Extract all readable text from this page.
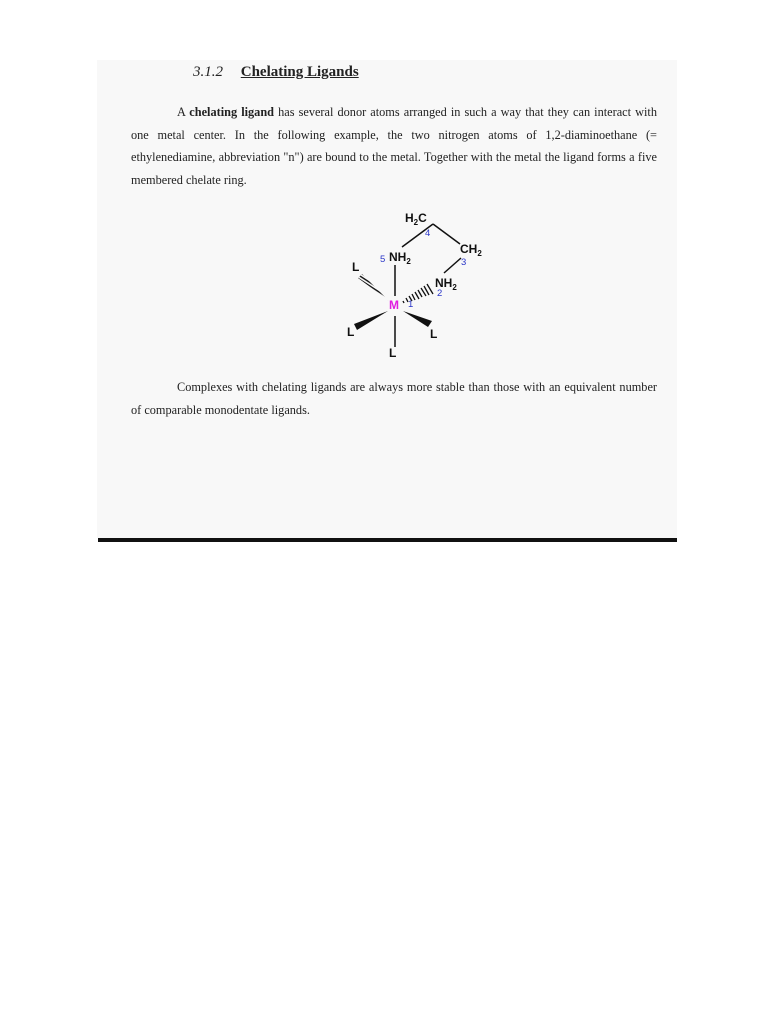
3.1.2 Chelating Ligands

A chelating ligand has several donor atoms arranged in such a way that they can interact with one metal center. In the following example, the two nitrogen atoms of 1,2-diaminoethane (= ethylenediamine, abbreviation "n") are bound to the metal. Together with the metal the ligand forms a five membered chelate ring.

M
L
L	L
L
$NH_2$
$NH_2$
$H_2C$
$CH_2$
1
2
3
4
5

Complexes with chelating ligands are always more stable than those with an equivalent number of comparable monodentate ligands.
